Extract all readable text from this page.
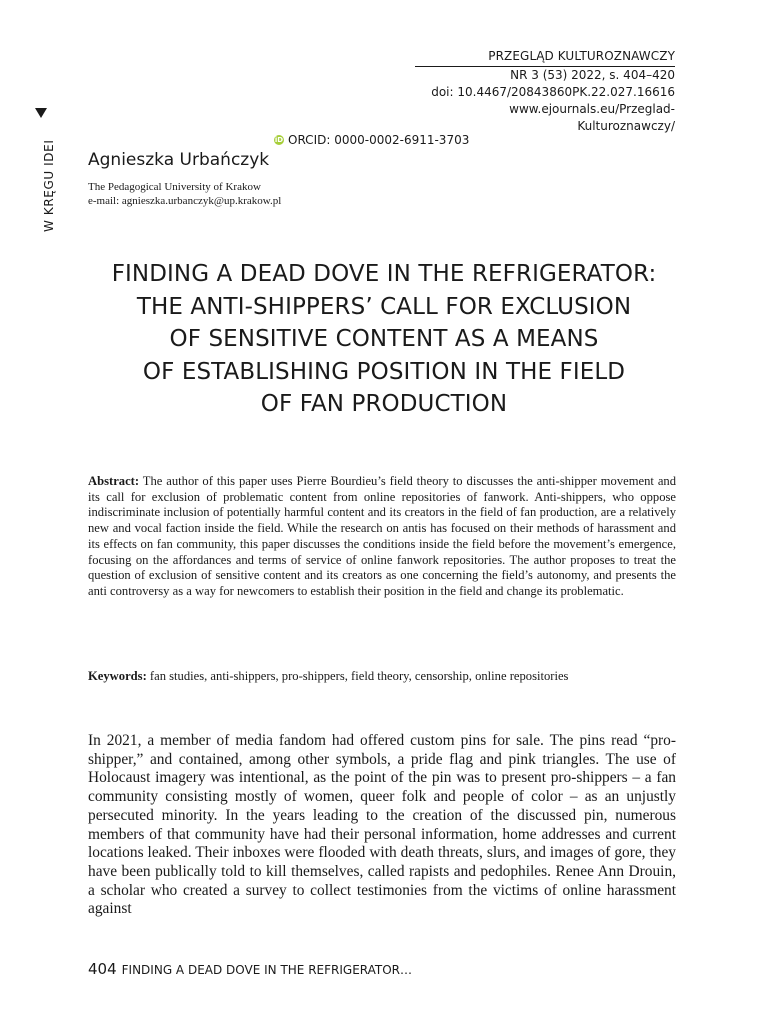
PRZEGLĄD KULTUROZNAWCZY
NR 3 (53) 2022, s. 404–420
doi: 10.4467/20843860PK.22.027.16616
www.ejournals.eu/Przeglad-Kulturoznawczy/
W KRĘGU IDEI	iD ORCID: 0000-0002-6911-3703
Agnieszka Urbańczyk
The Pedagogical University of Krakow
e-mail: agnieszka.urbanczyk@up.krakow.pl
FINDING A DEAD DOVE IN THE REFRIGERATOR:
THE ANTI-SHIPPERS’ CALL FOR EXCLUSION
OF SENSITIVE CONTENT AS A MEANS
OF ESTABLISHING POSITION IN THE FIELD
OF FAN PRODUCTION
Abstract: The author of this paper uses Pierre Bourdieu’s field theory to discusses the anti-shipper movement and its call for exclusion of problematic content from online repositories of fanwork. Anti-shippers, who oppose indiscriminate inclusion of potentially harmful content and its creators in the field of fan production, are a relatively new and vocal faction inside the field. While the research on antis has focused on their methods of harassment and its effects on fan community, this paper discusses the conditions inside the field before the movement’s emergence, focusing on the affordances and terms of service of online fanwork repositories. The author proposes to treat the question of exclusion of sensitive content and its creators as one concerning the field’s autonomy, and presents the anti controversy as a way for newcomers to establish their position in the field and change its problematic.
Keywords: fan studies, anti-shippers, pro-shippers, field theory, censorship, online repositories
In 2021, a member of media fandom had offered custom pins for sale. The pins read “pro-shipper,” and contained, among other symbols, a pride flag and pink triangles. The use of Holocaust imagery was intentional, as the point of the pin was to present pro-shippers – a fan community consisting mostly of women, queer folk and people of color – as an unjustly persecuted minority. In the years leading to the creation of the discussed pin, numerous members of that community have had their personal information, home addresses and current locations leaked. Their inboxes were flooded with death threats, slurs, and images of gore, they have been publically told to kill themselves, called rapists and pedophiles. Renee Ann Drouin, a scholar who created a survey to collect testimonies from the victims of online harassment against
404 FINDING A DEAD DOVE IN THE REFRIGERATOR…
